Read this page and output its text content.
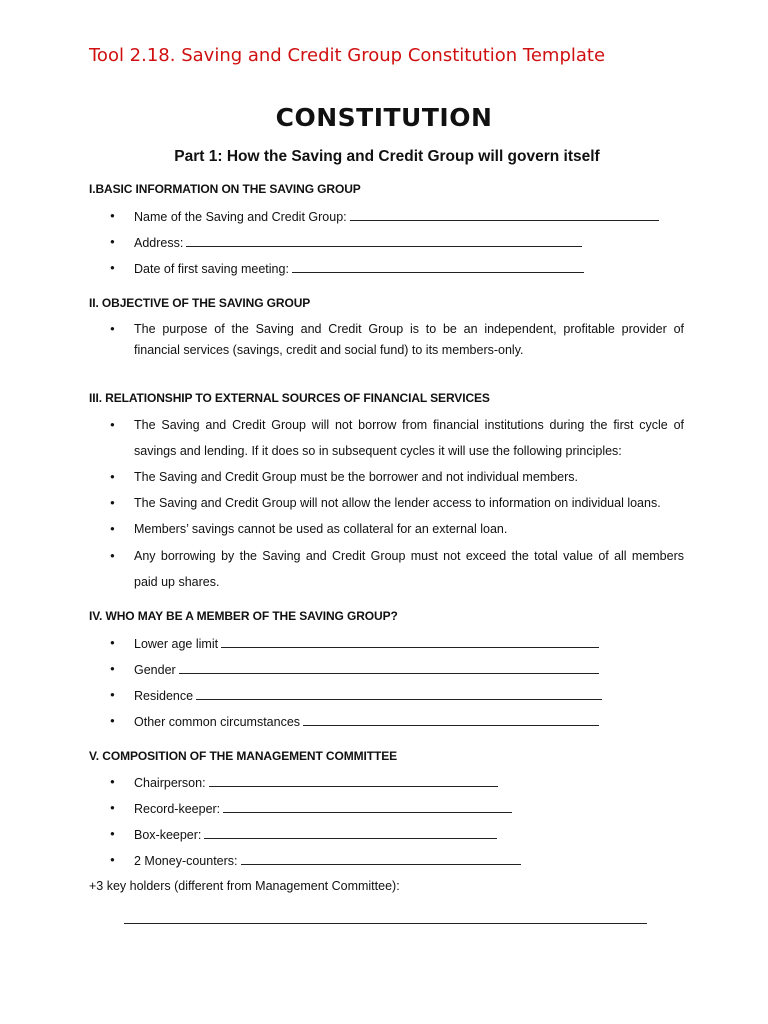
Tool 2.18. Saving and Credit Group Constitution Template
CONSTITUTION
Part 1: How the Saving and Credit Group will govern itself
I.BASIC INFORMATION ON THE SAVING GROUP
● Name of the Saving and Credit Group:
● Address:
● Date of first saving meeting:
II. OBJECTIVE OF THE SAVING GROUP
● The purpose of the Saving and Credit Group is to be an independent, profitable provider of
financial services (savings, credit and social fund) to its members-only.
III. RELATIONSHIP TO EXTERNAL SOURCES OF FINANCIAL SERVICES
● The Saving and Credit Group will not borrow from financial institutions during the first cycle of
savings and lending. If it does so in subsequent cycles it will use the following principles:
● The Saving and Credit Group must be the borrower and not individual members.
● The Saving and Credit Group will not allow the lender access to information on individual loans.
● Members’ savings cannot be used as collateral for an external loan.
● Any borrowing by the Saving and Credit Group must not exceed the total value of all members
paid up shares.
IV. WHO MAY BE A MEMBER OF THE SAVING GROUP?
● Lower age limit
● Gender
● Residence
● Other common circumstances
V. COMPOSITION OF THE MANAGEMENT COMMITTEE
● Chairperson:
● Record-keeper:
● Box-keeper:
● 2 Money-counters:
+3 key holders (different from Management Committee):
